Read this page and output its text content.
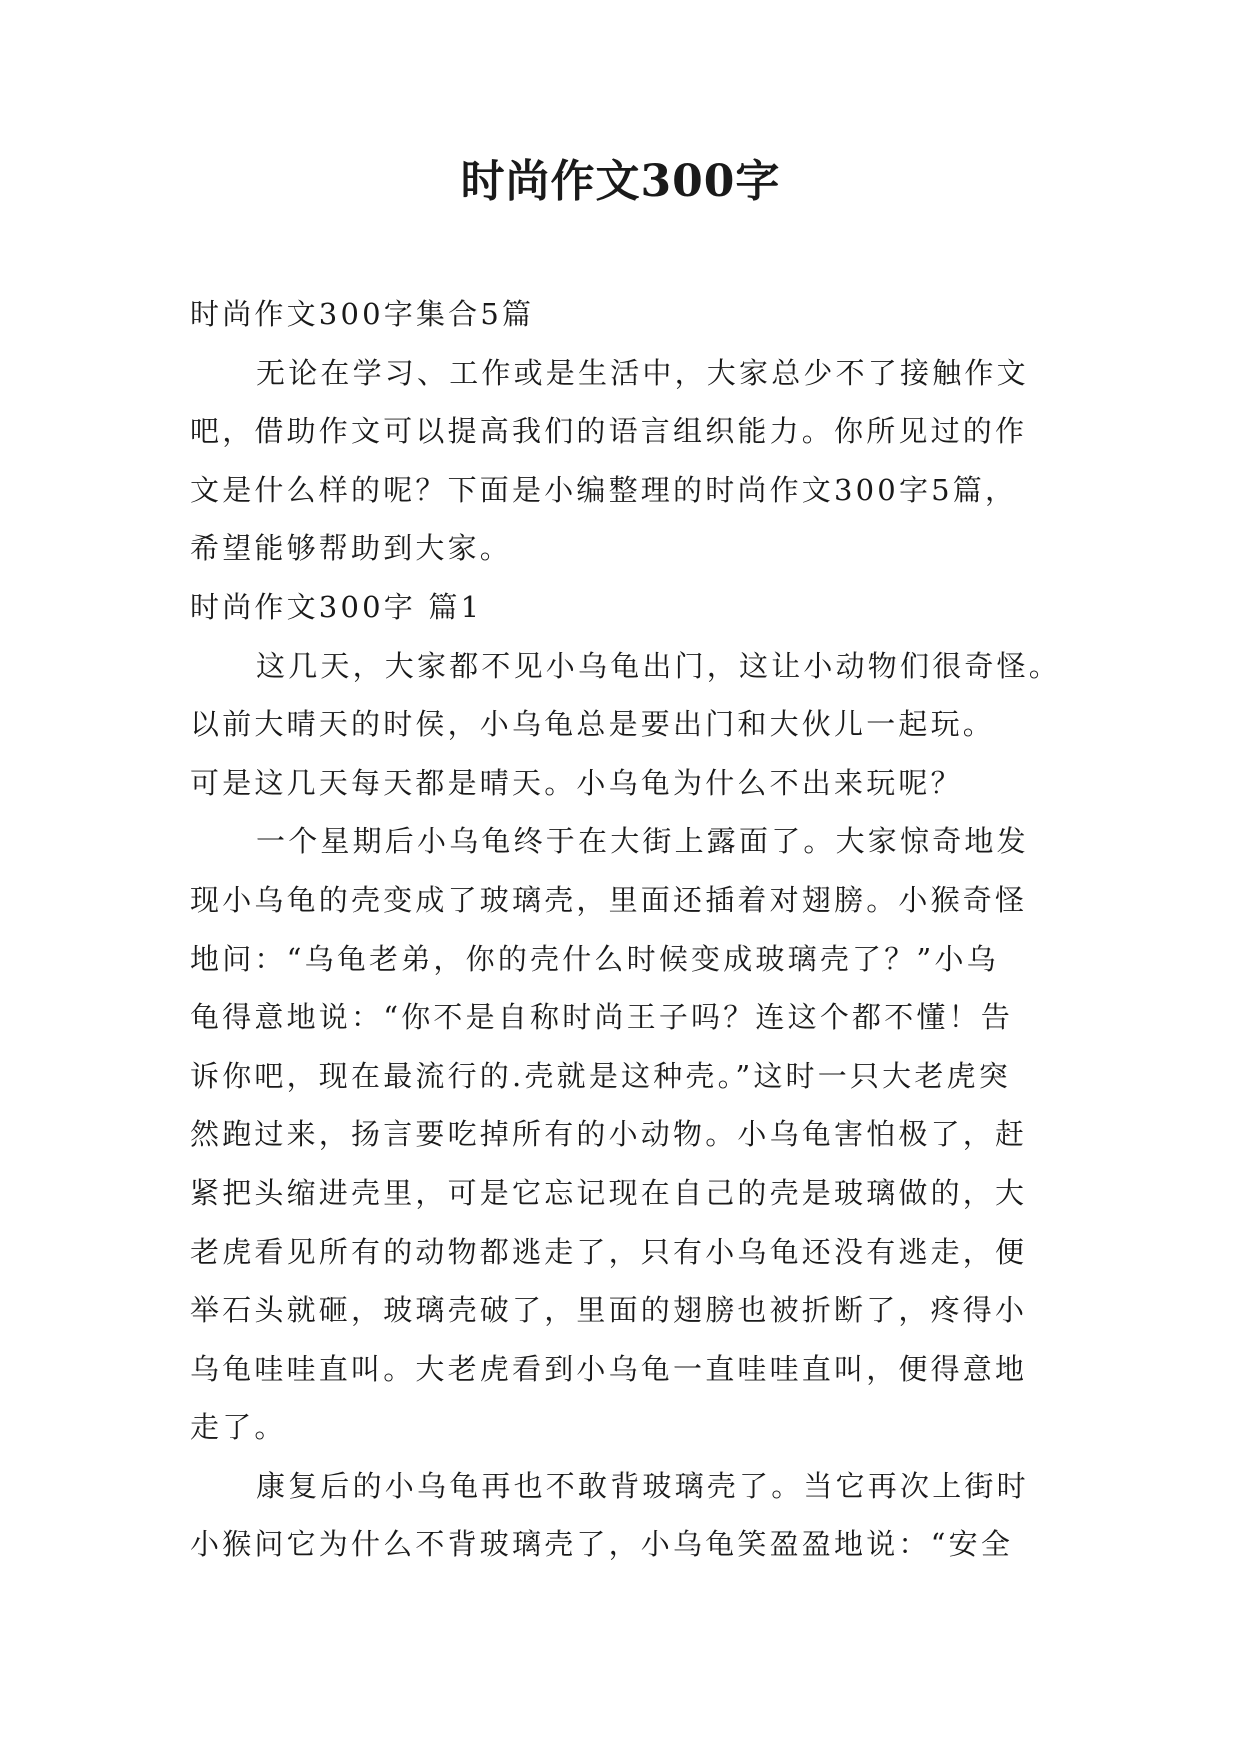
时尚作文300字
时尚作文300字集合5篇
无论在学习、工作或是生活中，大家总少不了接触作文
吧，借助作文可以提高我们的语言组织能力。你所见过的作
文是什么样的呢？下面是小编整理的时尚作文300字5篇，
希望能够帮助到大家。
时尚作文300字 篇1
这几天，大家都不见小乌龟出门，这让小动物们很奇怪。
以前大晴天的时侯，小乌龟总是要出门和大伙儿一起玩。
可是这几天每天都是晴天。小乌龟为什么不出来玩呢？
一个星期后小乌龟终于在大街上露面了。大家惊奇地发
现小乌龟的壳变成了玻璃壳，里面还插着对翅膀。小猴奇怪
地问：“乌龟老弟，你的壳什么时候变成玻璃壳了？”小乌
龟得意地说：“你不是自称时尚王子吗？连这个都不懂！告
诉你吧，现在最流行的.壳就是这种壳。”这时一只大老虎突
然跑过来，扬言要吃掉所有的小动物。小乌龟害怕极了，赶
紧把头缩进壳里，可是它忘记现在自己的壳是玻璃做的，大
老虎看见所有的动物都逃走了，只有小乌龟还没有逃走，便
举石头就砸，玻璃壳破了，里面的翅膀也被折断了，疼得小
乌龟哇哇直叫。大老虎看到小乌龟一直哇哇直叫，便得意地
走了。
康复后的小乌龟再也不敢背玻璃壳了。当它再次上街时
小猴问它为什么不背玻璃壳了，小乌龟笑盈盈地说：“安全
